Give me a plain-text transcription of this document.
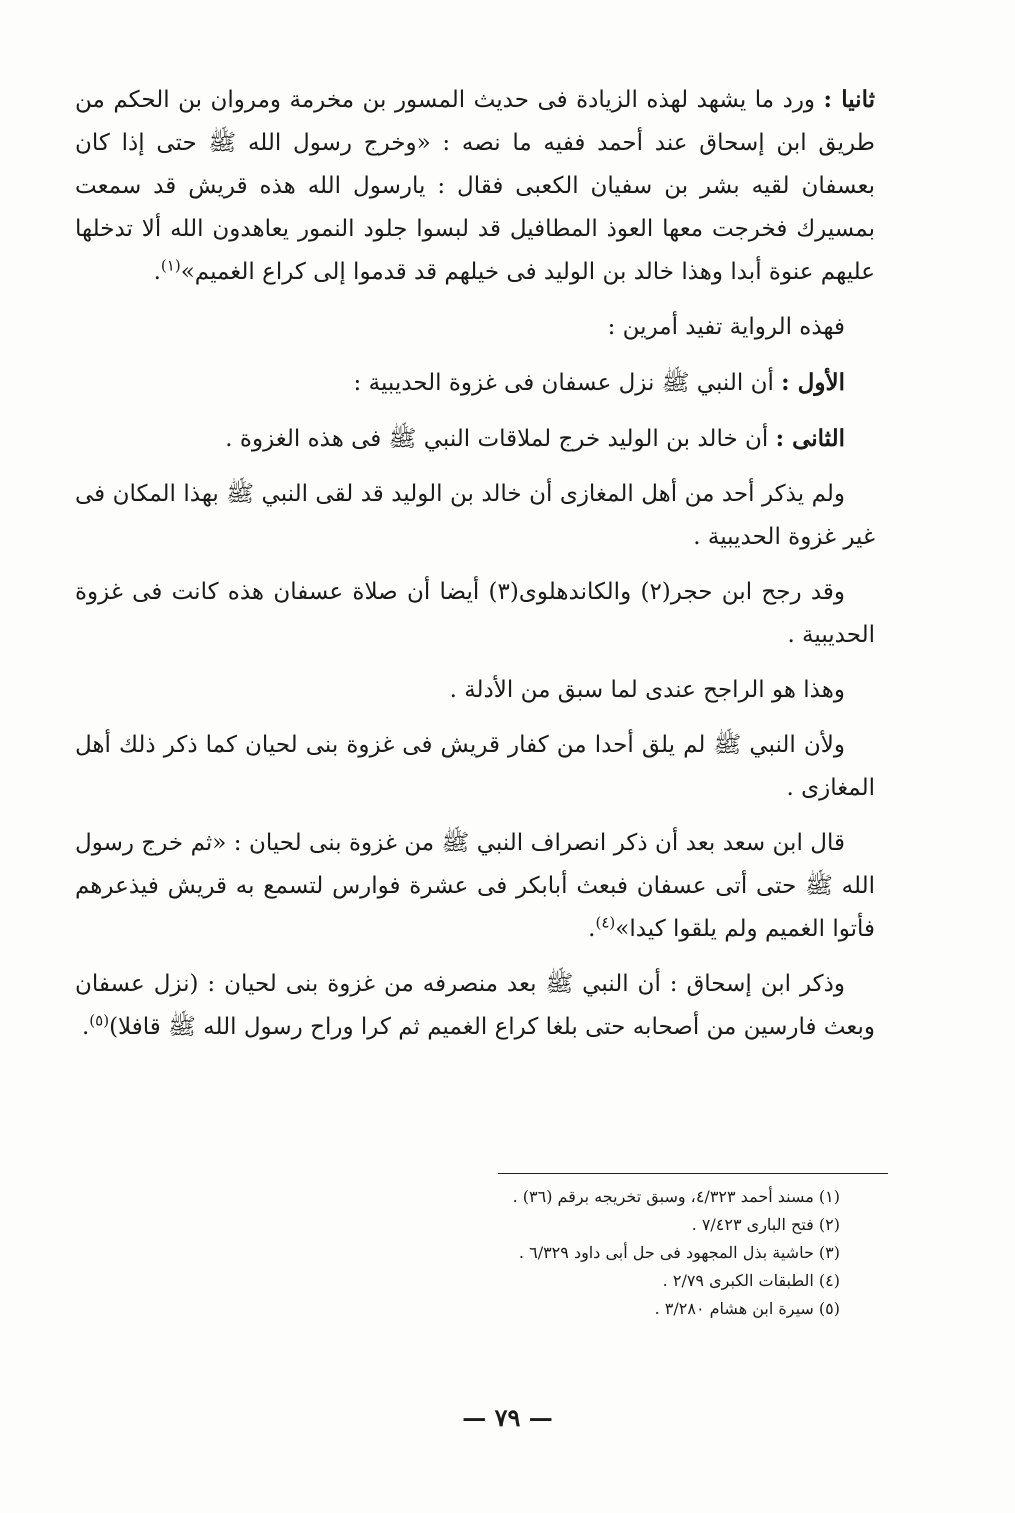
ثانيا : ورد ما يشهد لهذه الزيادة فى حديث المسور بن مخرمة ومروان بن الحكم من طريق ابن إسحاق عند أحمد ففيه ما نصه : «وخرج رسول الله ﷺ حتى إذا كان بعسفان لقيه بشر بن سفيان الكعبى فقال : يارسول الله هذه قريش قد سمعت بمسيرك فخرجت معها العوذ المطافيل قد لبسوا جلود النمور يعاهدون الله ألا تدخلها عليهم عنوة أبدا وهذا خالد بن الوليد فى خيلهم قد قدموا إلى كراع الغميم»$^{(١)}$.

فهذه الرواية تفيد أمرين :

الأول : أن النبي ﷺ نزل عسفان فى غزوة الحديبية :

الثانى : أن خالد بن الوليد خرج لملاقات النبي ﷺ فى هذه الغزوة .

ولم يذكر أحد من أهل المغازى أن خالد بن الوليد قد لقى النبي ﷺ بهذا المكان فى غير غزوة الحديبية .

وقد رجح ابن حجر(٢) والكاندهلوى(٣) أيضا أن صلاة عسفان هذه كانت فى غزوة الحديبية .

وهذا هو الراجح عندى لما سبق من الأدلة .

ولأن النبي ﷺ لم يلق أحدا من كفار قريش فى غزوة بنى لحيان كما ذكر ذلك أهل المغازى .

قال ابن سعد بعد أن ذكر انصراف النبي ﷺ من غزوة بنى لحيان : «ثم خرج رسول الله ﷺ حتى أتى عسفان فبعث أبابكر فى عشرة فوارس لتسمع به قريش فيذعرهم فأتوا الغميم ولم يلقوا كيدا»$^{(٤)}$.

وذكر ابن إسحاق : أن النبي ﷺ بعد منصرفه من غزوة بنى لحيان : (نزل عسفان وبعث فارسين من أصحابه حتى بلغا كراع الغميم ثم كرا وراح رسول الله ﷺ قافلا)$^{(٥)}$.

(١) مسند أحمد ٤/٣٢٣، وسبق تخريجه برقم (٣٦) .

(٢) فتح البارى ٧/٤٢٣ .

(٣) حاشية بذل المجهود فى حل أبى داود ٦/٣٢٩ .

(٤) الطبقات الكبرى ٢/٧٩ .

(٥) سيرة ابن هشام ٣/٢٨٠ .

— ٧٩ —
